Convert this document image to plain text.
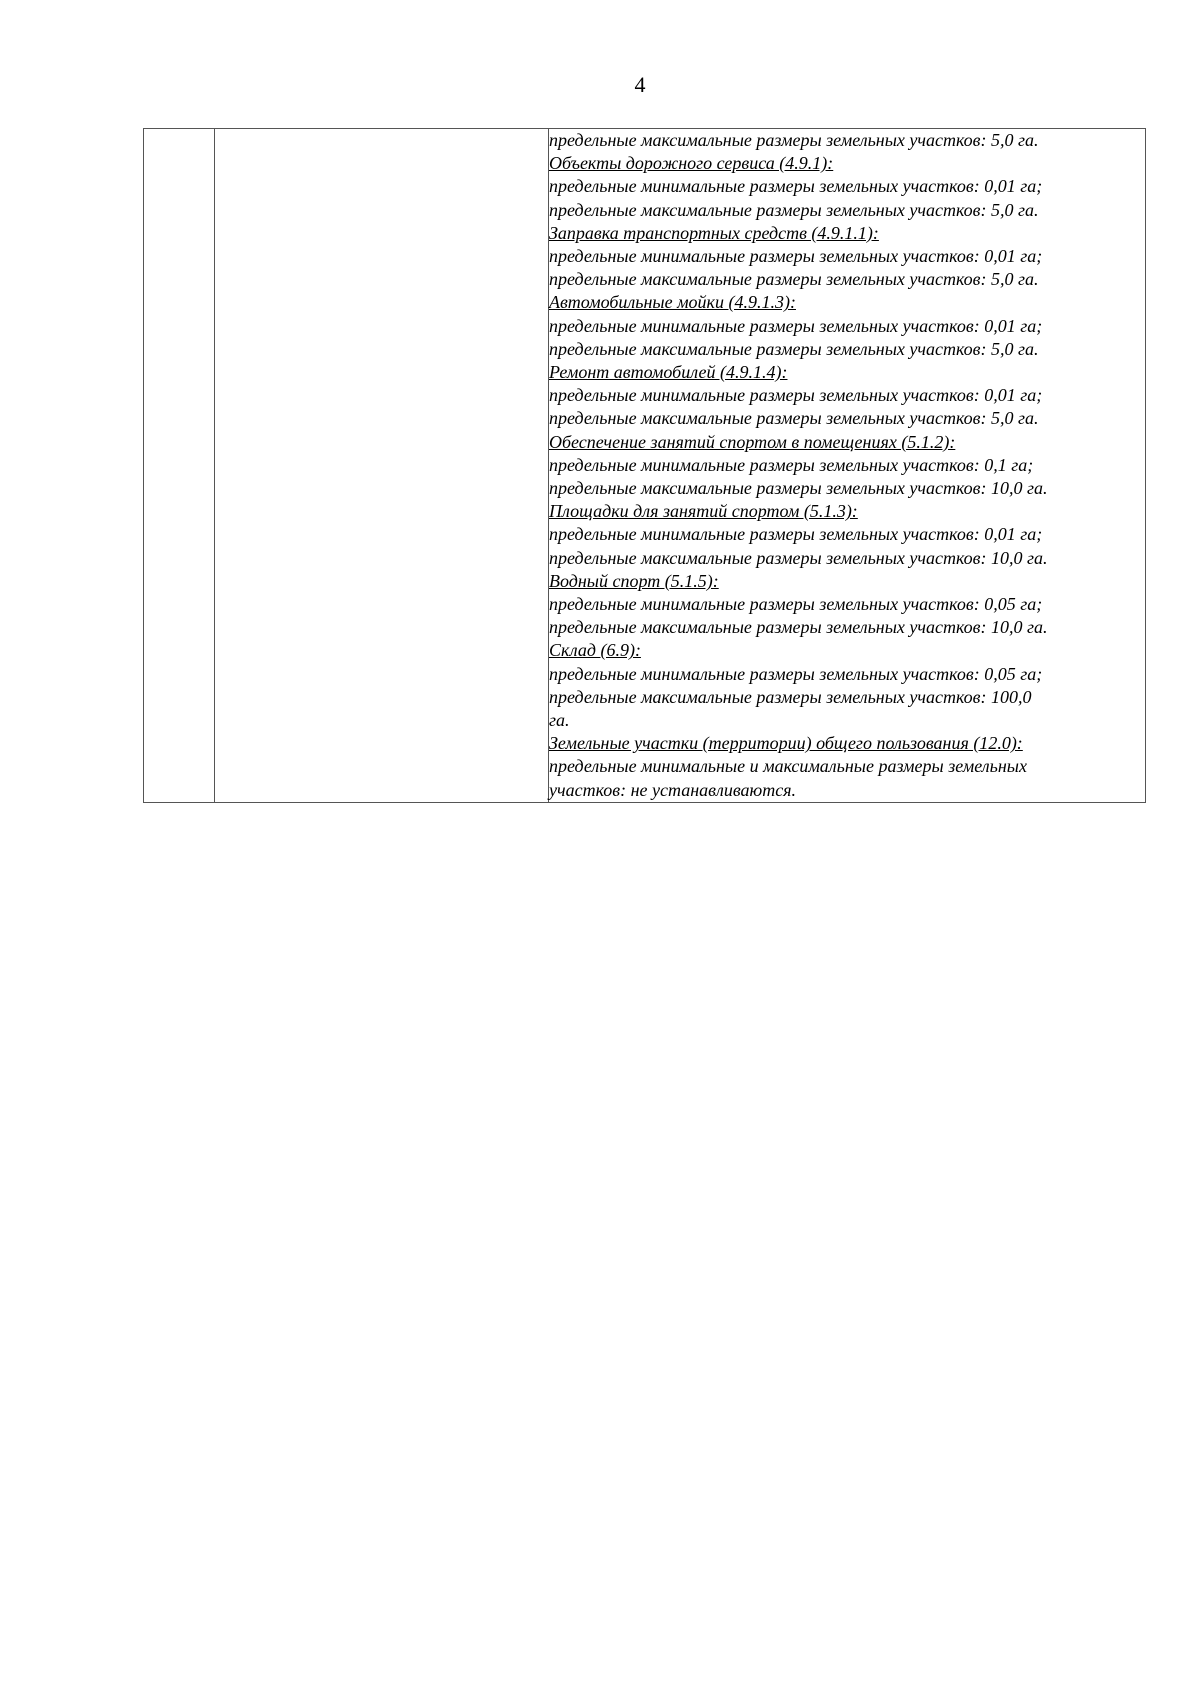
4

предельные максимальные размеры земельных участков: 5,0 га.
Объекты дорожного сервиса (4.9.1):
предельные минимальные размеры земельных участков: 0,01 га;
предельные максимальные размеры земельных участков: 5,0 га.
Заправка транспортных средств (4.9.1.1):
предельные минимальные размеры земельных участков: 0,01 га;
предельные максимальные размеры земельных участков: 5,0 га.
Автомобильные мойки (4.9.1.3):
предельные минимальные размеры земельных участков: 0,01 га;
предельные максимальные размеры земельных участков: 5,0 га.
Ремонт автомобилей (4.9.1.4):
предельные минимальные размеры земельных участков: 0,01 га;
предельные максимальные размеры земельных участков: 5,0 га.
Обеспечение занятий спортом в помещениях (5.1.2):
предельные минимальные размеры земельных участков: 0,1 га;
предельные максимальные размеры земельных участков: 10,0 га.
Площадки для занятий спортом (5.1.3):
предельные минимальные размеры земельных участков: 0,01 га;
предельные максимальные размеры земельных участков: 10,0 га.
Водный спорт (5.1.5):
предельные минимальные размеры земельных участков: 0,05 га;
предельные максимальные размеры земельных участков: 10,0 га.
Склад (6.9):
предельные минимальные размеры земельных участков: 0,05 га;
предельные максимальные размеры земельных участков: 100,0
га.
Земельные участки (территории) общего пользования (12.0):
предельные минимальные и максимальные размеры земельных
участков: не устанавливаются.
